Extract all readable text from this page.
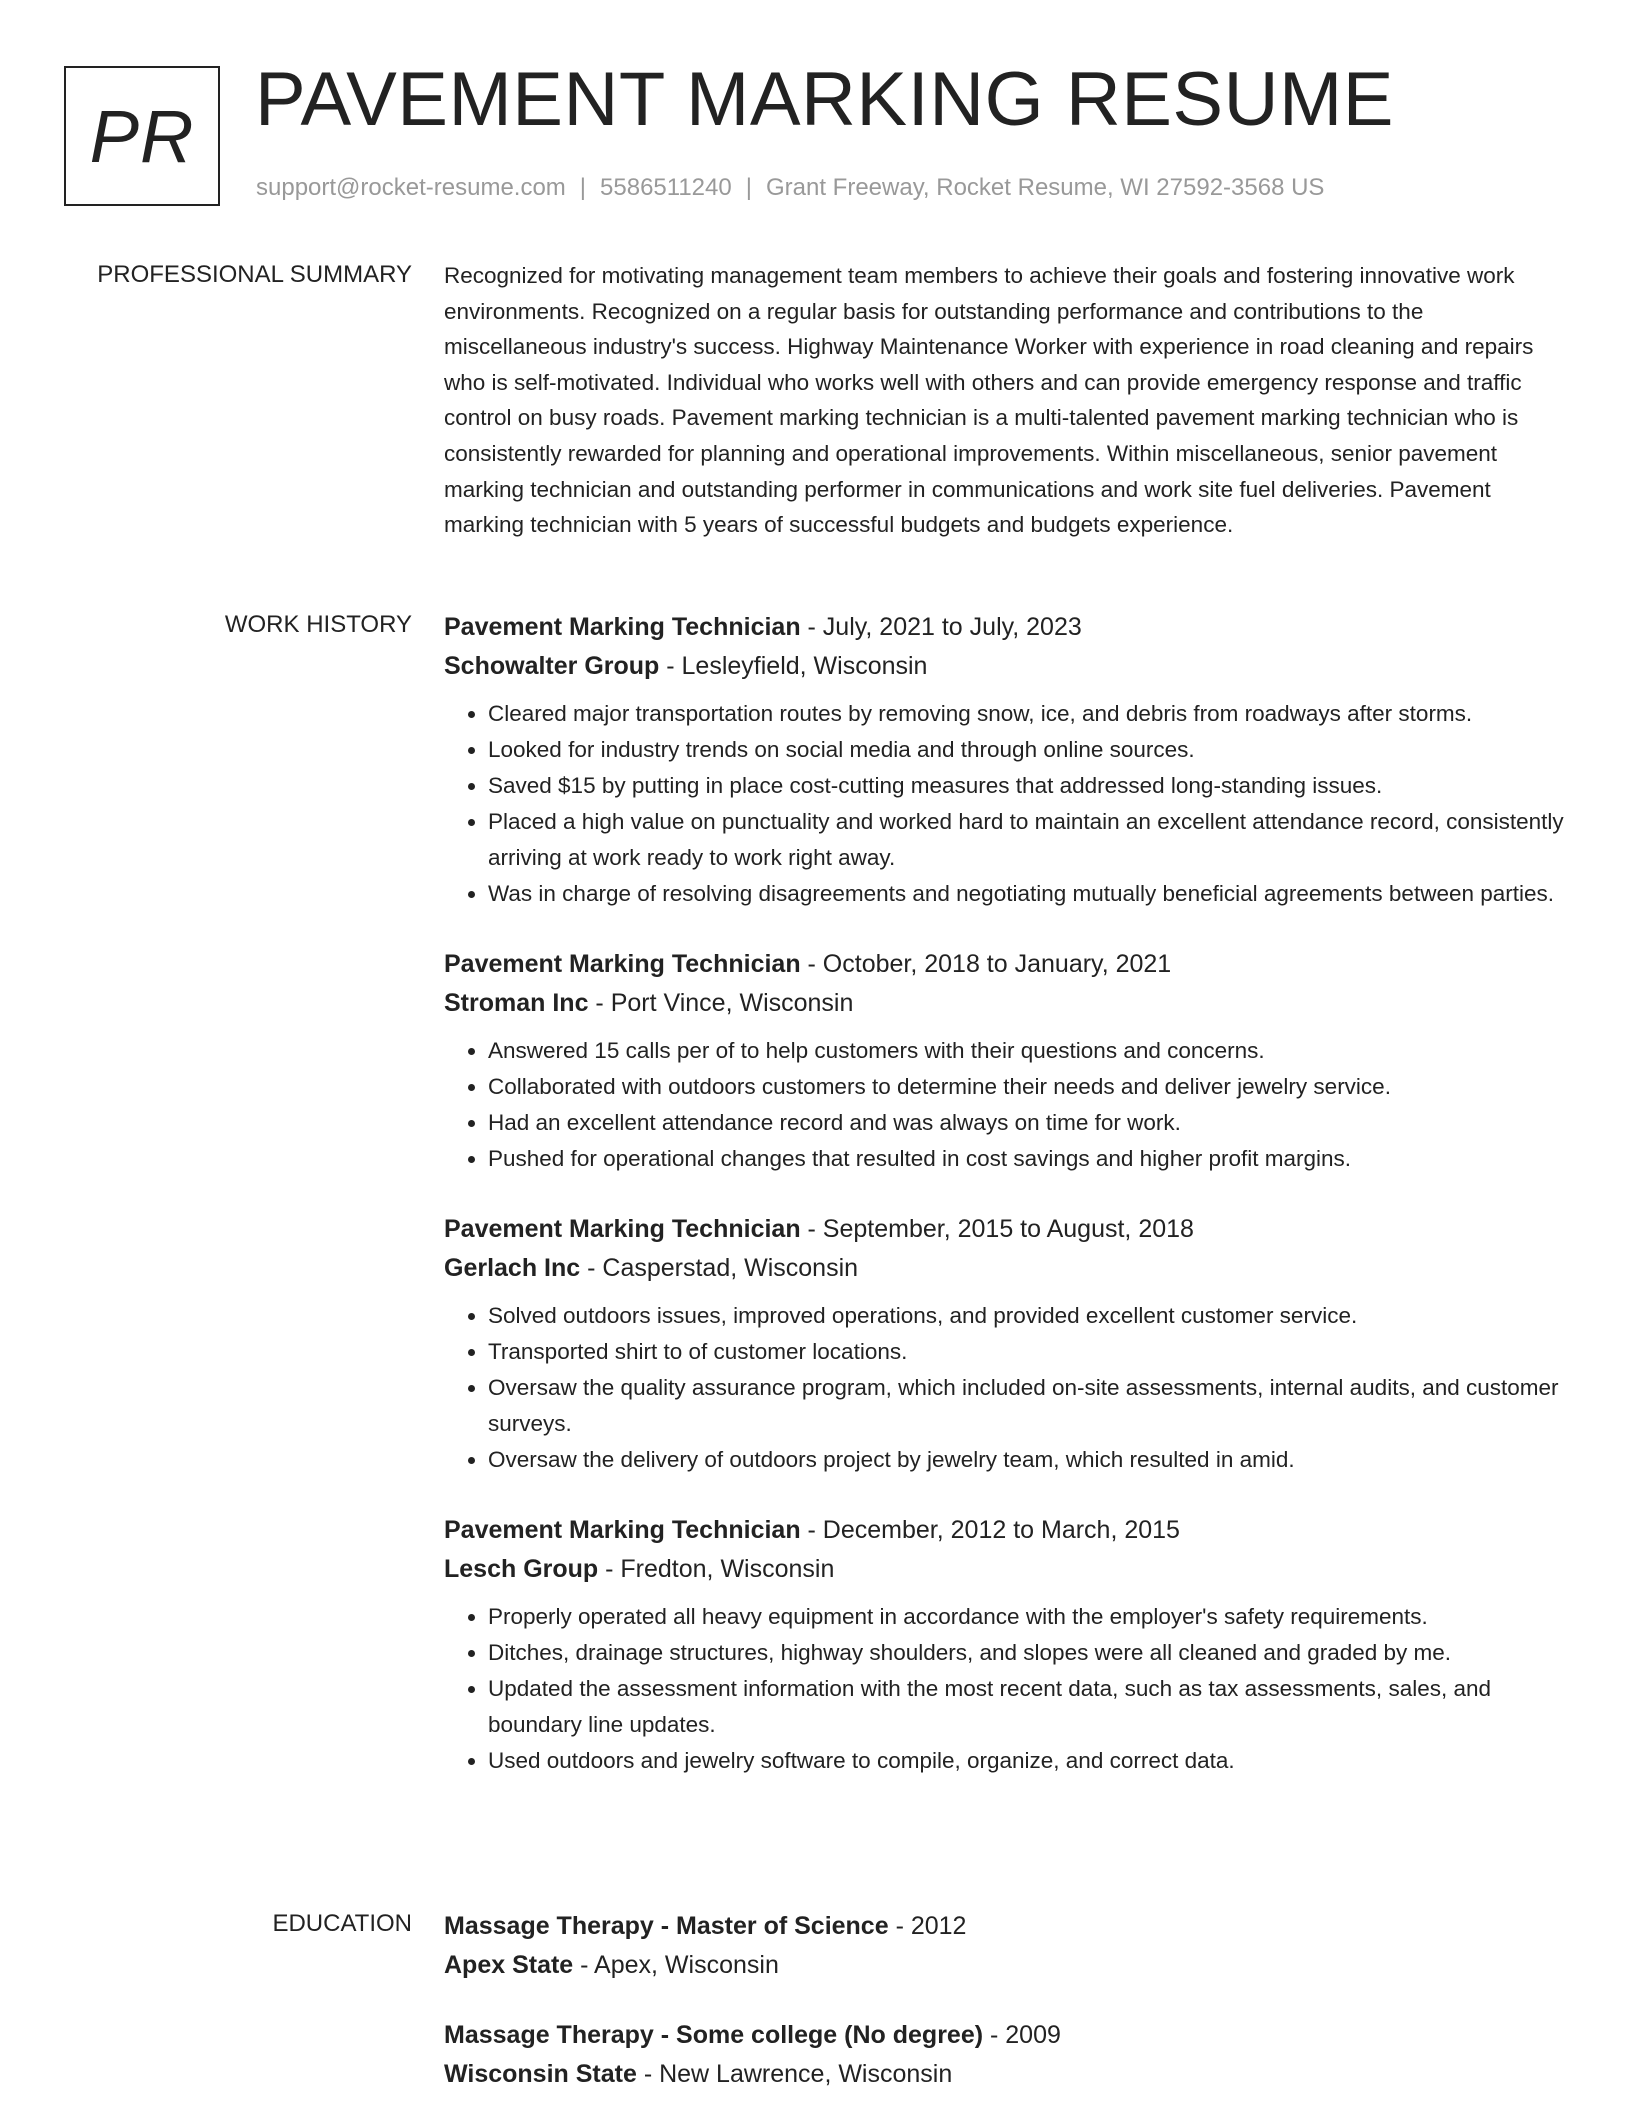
PR PAVEMENT MARKING RESUME
support@rocket-resume.com | 5586511240 | Grant Freeway, Rocket Resume, WI 27592-3568 US
PROFESSIONAL SUMMARY Recognized for motivating management team members to achieve their goals and fostering innovative work environments. Recognized on a regular basis for outstanding performance and contributions to the miscellaneous industry's success. Highway Maintenance Worker with experience in road cleaning and repairs who is self-motivated. Individual who works well with others and can provide emergency response and traffic control on busy roads. Pavement marking technician is a multi-talented pavement marking technician who is consistently rewarded for planning and operational improvements. Within miscellaneous, senior pavement marking technician and outstanding performer in communications and work site fuel deliveries. Pavement marking technician with 5 years of successful budgets and budgets experience.

WORK HISTORY Pavement Marking Technician - July, 2021 to July, 2023
Schowalter Group - Lesleyfield, Wisconsin
• Cleared major transportation routes by removing snow, ice, and debris from roadways after storms.
• Looked for industry trends on social media and through online sources.
• Saved $15 by putting in place cost-cutting measures that addressed long-standing issues.
• Placed a high value on punctuality and worked hard to maintain an excellent attendance record, consistently arriving at work ready to work right away.
• Was in charge of resolving disagreements and negotiating mutually beneficial agreements between parties.
Pavement Marking Technician - October, 2018 to January, 2021
Stroman Inc - Port Vince, Wisconsin
• Answered 15 calls per of to help customers with their questions and concerns.
• Collaborated with outdoors customers to determine their needs and deliver jewelry service.
• Had an excellent attendance record and was always on time for work.
• Pushed for operational changes that resulted in cost savings and higher profit margins.
Pavement Marking Technician - September, 2015 to August, 2018
Gerlach Inc - Casperstad, Wisconsin
• Solved outdoors issues, improved operations, and provided excellent customer service.
• Transported shirt to of customer locations.
• Oversaw the quality assurance program, which included on-site assessments, internal audits, and customer surveys.
• Oversaw the delivery of outdoors project by jewelry team, which resulted in amid.
Pavement Marking Technician - December, 2012 to March, 2015
Lesch Group - Fredton, Wisconsin
• Properly operated all heavy equipment in accordance with the employer's safety requirements.
• Ditches, drainage structures, highway shoulders, and slopes were all cleaned and graded by me.
• Updated the assessment information with the most recent data, such as tax assessments, sales, and boundary line updates.
• Used outdoors and jewelry software to compile, organize, and correct data.
EDUCATION Massage Therapy - Master of Science - 2012
Apex State - Apex, Wisconsin
Massage Therapy - Some college (No degree) - 2009
Wisconsin State - New Lawrence, Wisconsin
